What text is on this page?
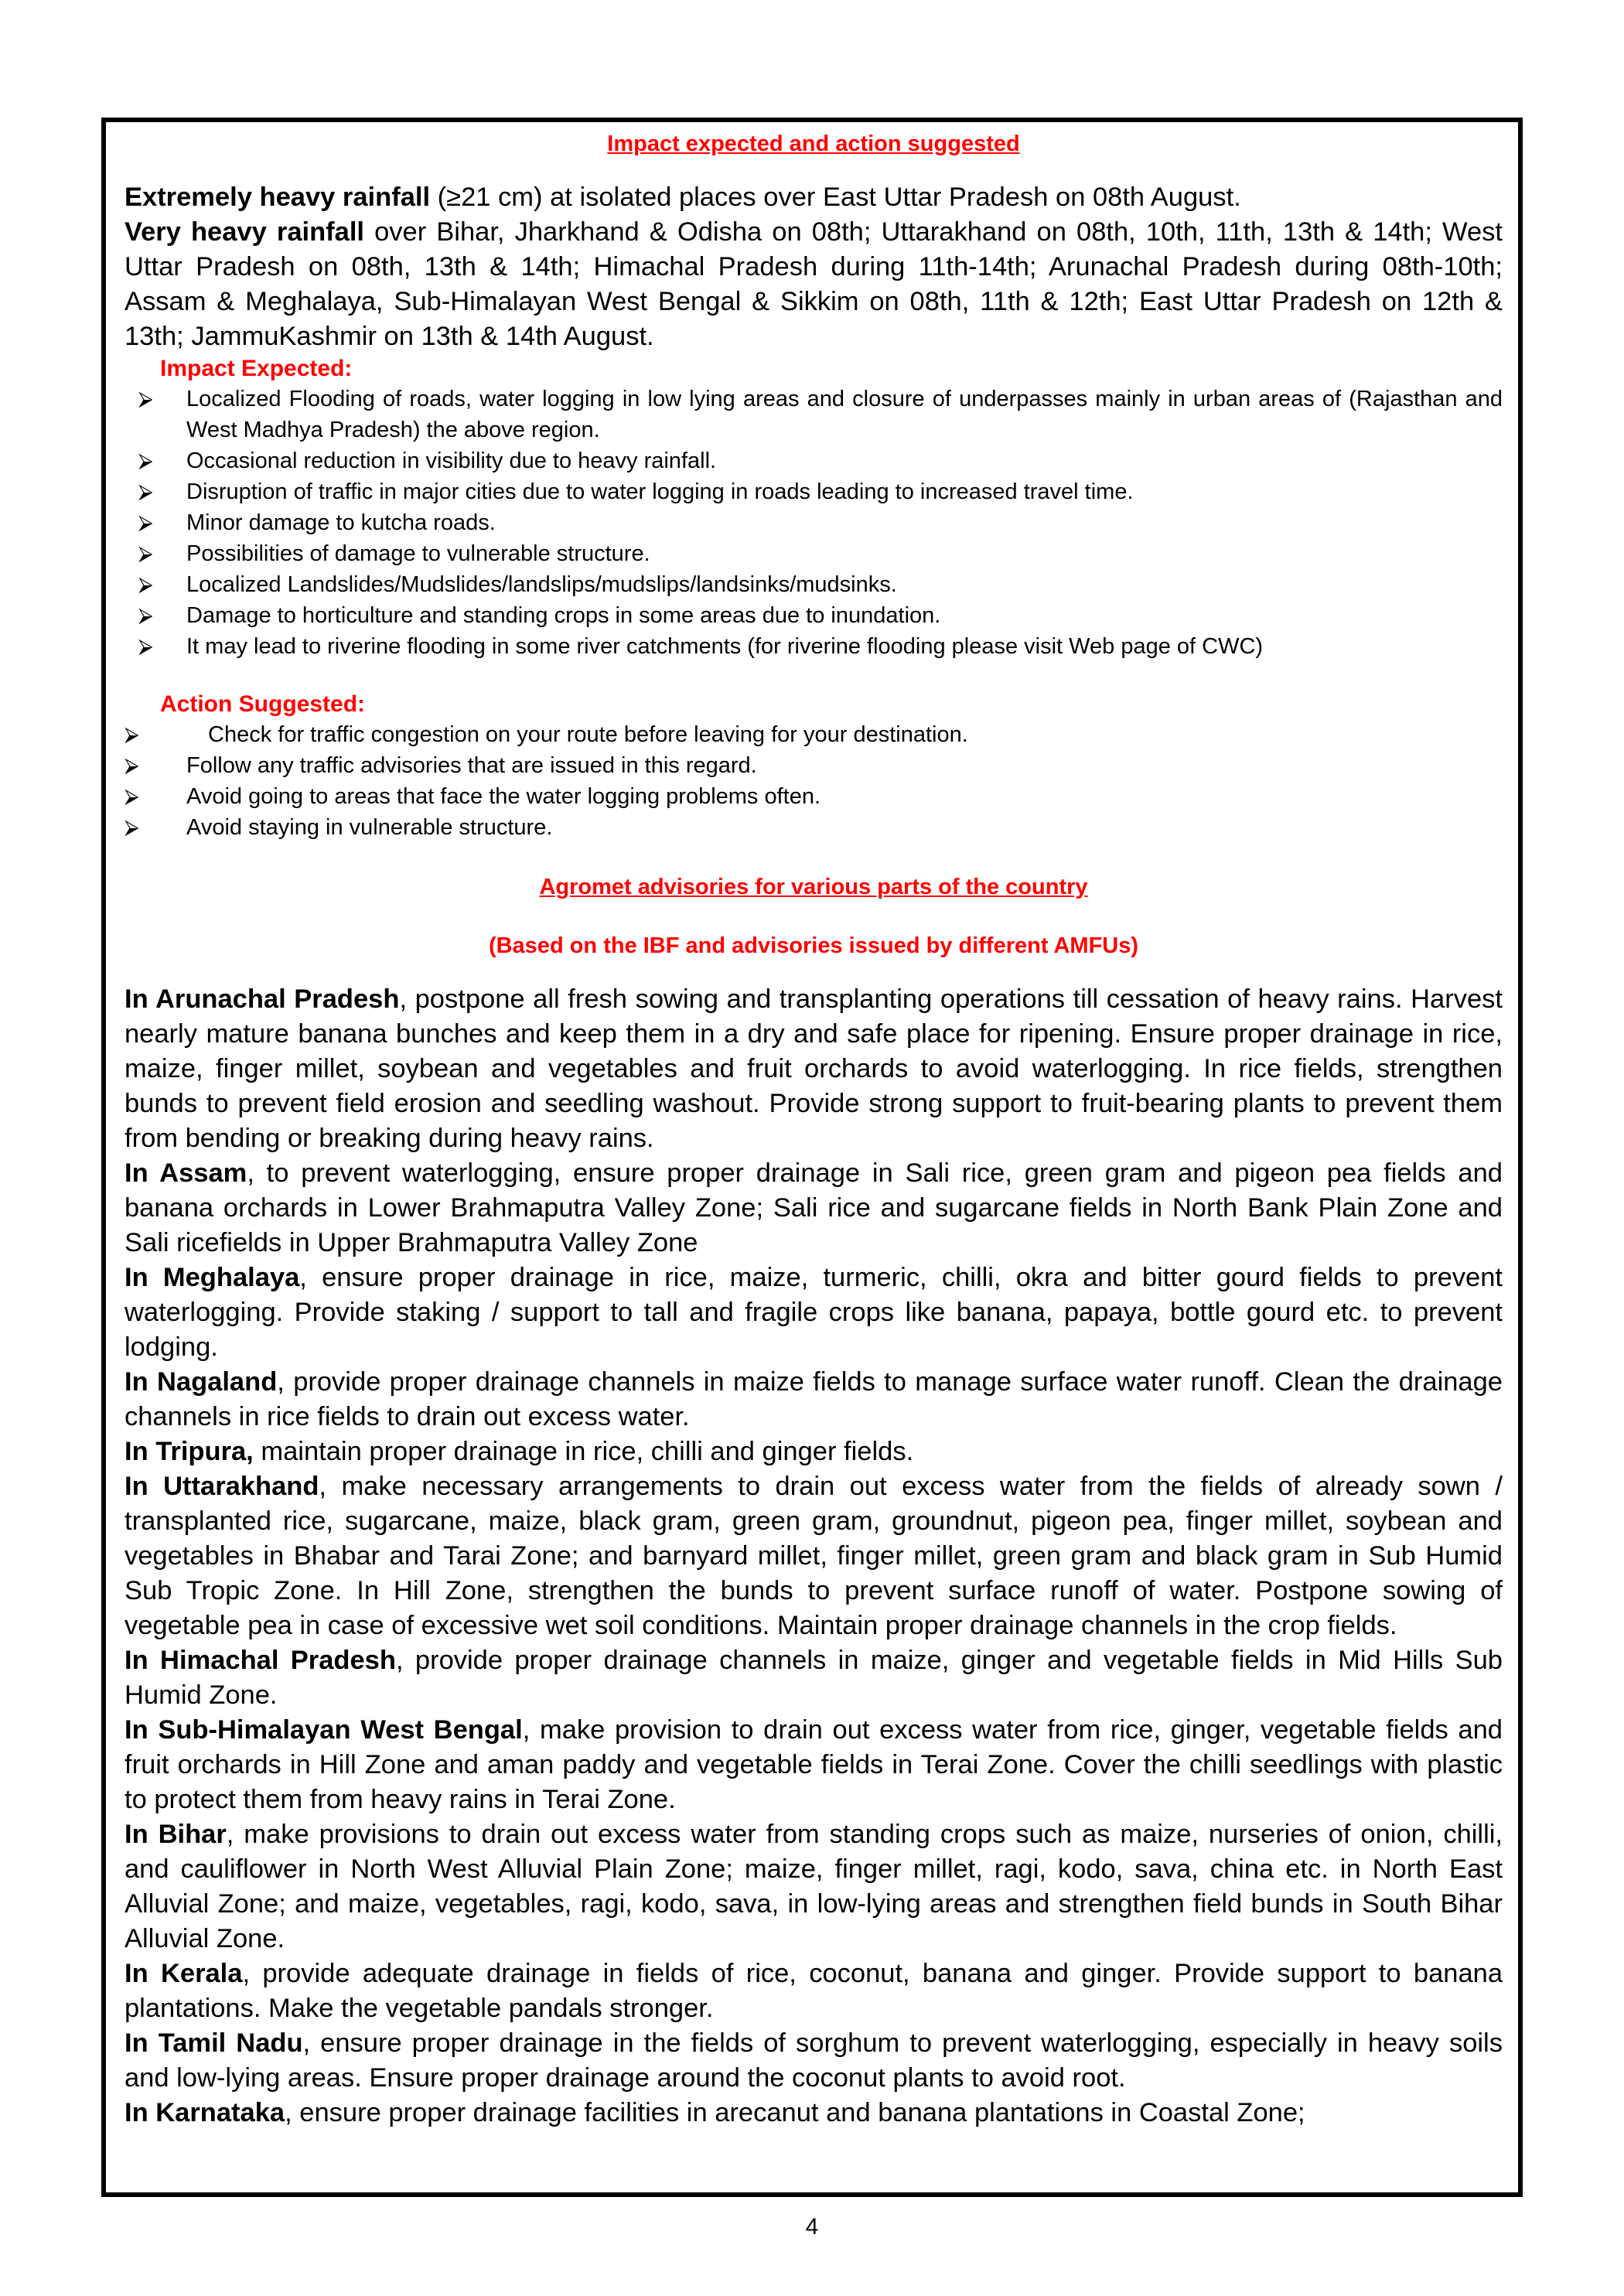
Impact expected and action suggested

Extremely heavy rainfall (≥21 cm) at isolated places over East Uttar Pradesh on 08th August.

Very heavy rainfall over Bihar, Jharkhand & Odisha on 08th; Uttarakhand on 08th, 10th, 11th, 13th & 14th; West Uttar Pradesh on 08th, 13th & 14th; Himachal Pradesh during 11th-14th; Arunachal Pradesh during 08th-10th; Assam & Meghalaya, Sub-Himalayan West Bengal & Sikkim on 08th, 11th & 12th; East Uttar Pradesh on 12th & 13th; JammuKashmir on 13th & 14th August.

Impact Expected:
⮚ Localized Flooding of roads, water logging in low lying areas and closure of underpasses mainly in urban areas of (Rajasthan and West Madhya Pradesh) the above region.
⮚ Occasional reduction in visibility due to heavy rainfall.
⮚ Disruption of traffic in major cities due to water logging in roads leading to increased travel time.
⮚ Minor damage to kutcha roads.
⮚ Possibilities of damage to vulnerable structure.
⮚ Localized Landslides/Mudslides/landslips/mudslips/landsinks/mudsinks.
⮚ Damage to horticulture and standing crops in some areas due to inundation.
⮚ It may lead to riverine flooding in some river catchments (for riverine flooding please visit Web page of CWC)
Action Suggested:
⮚	Check for traffic congestion on your route before leaving for your destination.
⮚ Follow any traffic advisories that are issued in this regard.
⮚ Avoid going to areas that face the water logging problems often.
⮚ Avoid staying in vulnerable structure.
Agromet advisories for various parts of the country
(Based on the IBF and advisories issued by different AMFUs)

In Arunachal Pradesh, postpone all fresh sowing and transplanting operations till cessation of heavy rains. Harvest nearly mature banana bunches and keep them in a dry and safe place for ripening. Ensure proper drainage in rice, maize, finger millet, soybean and vegetables and fruit orchards to avoid waterlogging. In rice fields, strengthen bunds to prevent field erosion and seedling washout. Provide strong support to fruit-bearing plants to prevent them from bending or breaking during heavy rains.

In Assam, to prevent waterlogging, ensure proper drainage in Sali rice, green gram and pigeon pea fields and banana orchards in Lower Brahmaputra Valley Zone; Sali rice and sugarcane fields in North Bank Plain Zone and Sali ricefields in Upper Brahmaputra Valley Zone

In Meghalaya, ensure proper drainage in rice, maize, turmeric, chilli, okra and bitter gourd fields to prevent waterlogging. Provide staking / support to tall and fragile crops like banana, papaya, bottle gourd etc. to prevent lodging.

In Nagaland, provide proper drainage channels in maize fields to manage surface water runoff. Clean the drainage channels in rice fields to drain out excess water.

In Tripura, maintain proper drainage in rice, chilli and ginger fields.

In Uttarakhand, make necessary arrangements to drain out excess water from the fields of already sown / transplanted rice, sugarcane, maize, black gram, green gram, groundnut, pigeon pea, finger millet, soybean and vegetables in Bhabar and Tarai Zone; and barnyard millet, finger millet, green gram and black gram in Sub Humid Sub Tropic Zone. In Hill Zone, strengthen the bunds to prevent surface runoff of water. Postpone sowing of vegetable pea in case of excessive wet soil conditions. Maintain proper drainage channels in the crop fields.

In Himachal Pradesh, provide proper drainage channels in maize, ginger and vegetable fields in Mid Hills Sub Humid Zone.

In Sub-Himalayan West Bengal, make provision to drain out excess water from rice, ginger, vegetable fields and fruit orchards in Hill Zone and aman paddy and vegetable fields in Terai Zone. Cover the chilli seedlings with plastic to protect them from heavy rains in Terai Zone.

In Bihar, make provisions to drain out excess water from standing crops such as maize, nurseries of onion, chilli, and cauliflower in North West Alluvial Plain Zone; maize, finger millet, ragi, kodo, sava, china etc. in North East Alluvial Zone; and maize, vegetables, ragi, kodo, sava, in low-lying areas and strengthen field bunds in South Bihar Alluvial Zone.

In Kerala, provide adequate drainage in fields of rice, coconut, banana and ginger. Provide support to banana plantations. Make the vegetable pandals stronger.

In Tamil Nadu, ensure proper drainage in the fields of sorghum to prevent waterlogging, especially in heavy soils and low-lying areas. Ensure proper drainage around the coconut plants to avoid root.

In Karnataka, ensure proper drainage facilities in arecanut and banana plantations in Coastal Zone;

4
